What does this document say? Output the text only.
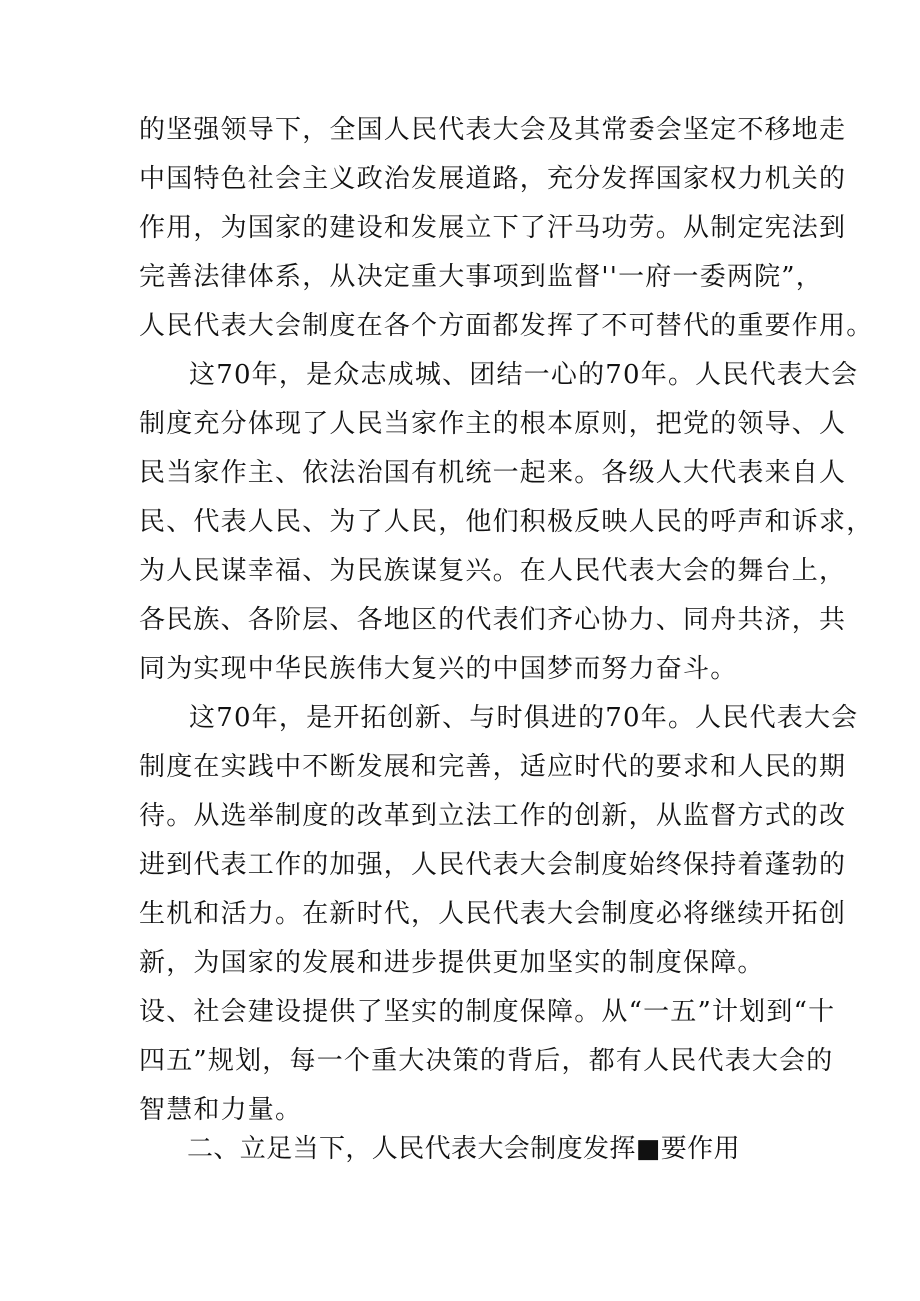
的坚强领导下，全国人民代表大会及其常委会坚定不移地走
中国特色社会主义政治发展道路，充分发挥国家权力机关的
作用，为国家的建设和发展立下了汗马功劳。从制定宪法到
完善法律体系，从决定重大事项到监督''一府一委两院”，
人民代表大会制度在各个方面都发挥了不可替代的重要作用。
这70年，是众志成城、团结一心的70年。人民代表大会
制度充分体现了人民当家作主的根本原则，把党的领导、人
民当家作主、依法治国有机统一起来。各级人大代表来自人
民、代表人民、为了人民，他们积极反映人民的呼声和诉求，
为人民谋幸福、为民族谋复兴。在人民代表大会的舞台上，
各民族、各阶层、各地区的代表们齐心协力、同舟共济，共
同为实现中华民族伟大复兴的中国梦而努力奋斗。
这70年，是开拓创新、与时俱进的70年。人民代表大会
制度在实践中不断发展和完善，适应时代的要求和人民的期
待。从选举制度的改革到立法工作的创新，从监督方式的改
进到代表工作的加强，人民代表大会制度始终保持着蓬勃的
生机和活力。在新时代，人民代表大会制度必将继续开拓创
新，为国家的发展和进步提供更加坚实的制度保障。
设、社会建设提供了坚实的制度保障。从“一五”计划到“十
四五”规划，每一个重大决策的背后，都有人民代表大会的
智慧和力量。
二、立足当下，人民代表大会制度发挥■要作用
